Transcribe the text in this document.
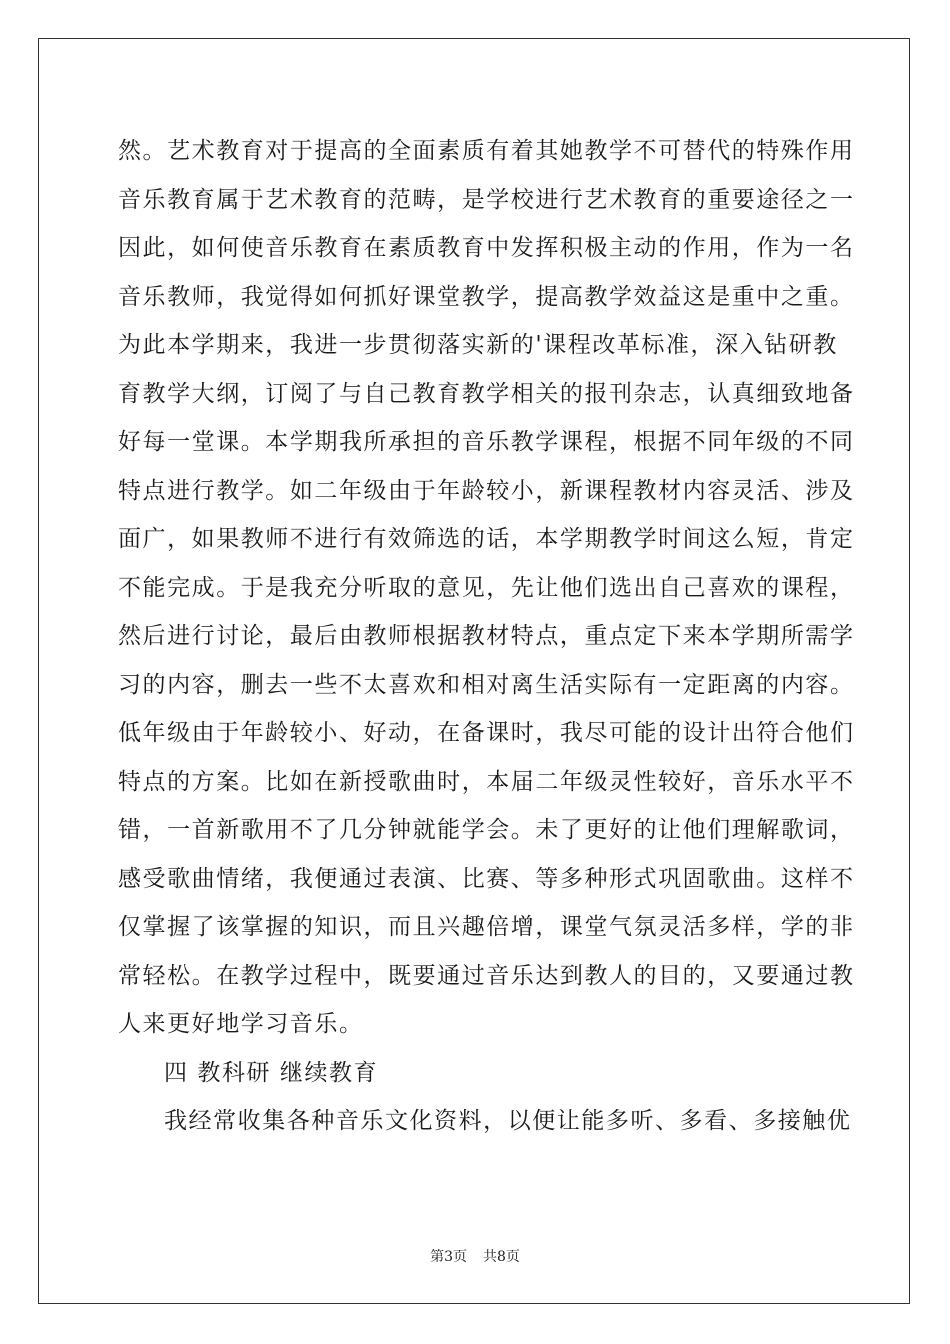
然。艺术教育对于提高的全面素质有着其她教学不可替代的特殊作用
音乐教育属于艺术教育的范畴，是学校进行艺术教育的重要途径之一
因此，如何使音乐教育在素质教育中发挥积极主动的作用，作为一名
音乐教师，我觉得如何抓好课堂教学，提高教学效益这是重中之重。
为此本学期来，我进一步贯彻落实新的'课程改革标准，深入钻研教
育教学大纲，订阅了与自己教育教学相关的报刊杂志，认真细致地备
好每一堂课。本学期我所承担的音乐教学课程，根据不同年级的不同
特点进行教学。如二年级由于年龄较小，新课程教材内容灵活、涉及
面广，如果教师不进行有效筛选的话，本学期教学时间这么短，肯定
不能完成。于是我充分听取的意见，先让他们选出自己喜欢的课程，
然后进行讨论，最后由教师根据教材特点，重点定下来本学期所需学
习的内容，删去一些不太喜欢和相对离生活实际有一定距离的内容。
低年级由于年龄较小、好动，在备课时，我尽可能的设计出符合他们
特点的方案。比如在新授歌曲时，本届二年级灵性较好，音乐水平不
错，一首新歌用不了几分钟就能学会。未了更好的让他们理解歌词，
感受歌曲情绪，我便通过表演、比赛、等多种形式巩固歌曲。这样不
仅掌握了该掌握的知识，而且兴趣倍增，课堂气氛灵活多样，学的非
常轻松。在教学过程中，既要通过音乐达到教人的目的，又要通过教
人来更好地学习音乐。
四 教科研 继续教育
我经常收集各种音乐文化资料，以便让能多听、多看、多接触优
第3页 共8页
